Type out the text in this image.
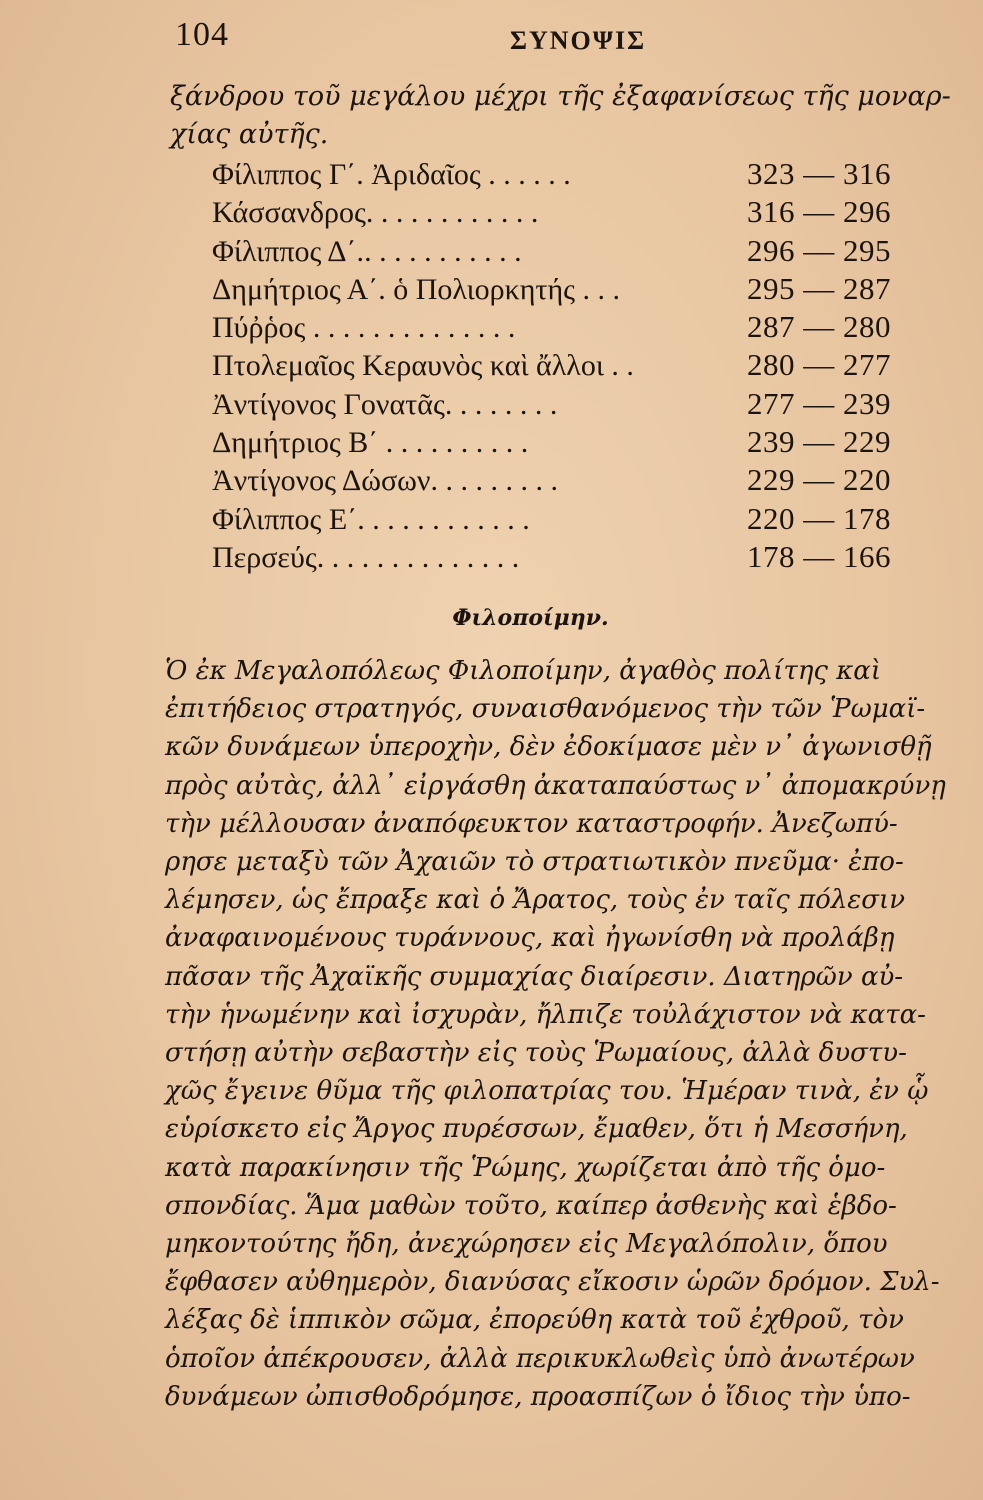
104	ΣΥΝΟΨΙΣ
ξάνδρου τοῦ μεγάλου μέχρι τῆς ἐξαφανίσεως τῆς μοναρ-
χίας αὐτῆς.
Φίλιππος Γ΄. Ἀριδαῖος . . . . . .	323 — 316
Κάσσανδρος. . . . . . . . . . . .	316 — 296
Φίλιππος Δ΄.. . . . . . . . . . .	296 — 295
Δημήτριος Α΄. ὁ Πολιορκητής . . .	295 — 287
Πύῤῥος . . . . . . . . . . . . . .	287 — 280
Πτολεμαῖος Κεραυνὸς καὶ ἄλλοι . .	280 — 277
Ἀντίγονος Γονατᾶς. . . . . . . .	277 — 239
Δημήτριος Β΄ . . . . . . . . . .	239 — 229
Ἀντίγονος Δώσων. . . . . . . . .	229 — 220
Φίλιππος Ε΄. . . . . . . . . . . .	220 — 178
Περσεύς. . . . . . . . . . . . . .	178 — 166
Φιλοποίμην.
Ὁ ἐκ Μεγαλοπόλεως Φιλοποίμην, ἀγαθὸς πολίτης καὶ
ἐπιτήδειος στρατηγός, συναισθανόμενος τὴν τῶν Ῥωμαϊ-
κῶν δυνάμεων ὑπεροχὴν, δὲν ἐδοκίμασε μὲν ν᾽ ἀγωνισθῇ
πρὸς αὐτὰς, ἀλλ᾽ εἰργάσθη ἀκαταπαύστως ν᾽ ἀπομακρύνῃ
τὴν μέλλουσαν ἀναπόφευκτον καταστροφήν. Ἀνεζωπύ-
ρησε μεταξὺ τῶν Ἀχαιῶν τὸ στρατιωτικὸν πνεῦμα· ἐπο-
λέμησεν, ὡς ἔπραξε καὶ ὁ Ἄρατος, τοὺς ἐν ταῖς πόλεσιν
ἀναφαινομένους τυράννους, καὶ ἠγωνίσθη νὰ προλάβῃ
πᾶσαν τῆς Ἀχαϊκῆς συμμαχίας διαίρεσιν. Διατηρῶν αὐ-
τὴν ἡνωμένην καὶ ἰσχυρὰν, ἤλπιζε τοὐλάχιστον νὰ κατα-
στήσῃ αὐτὴν σεβαστὴν εἰς τοὺς Ῥωμαίους, ἀλλὰ δυστυ-
χῶς ἔγεινε θῦμα τῆς φιλοπατρίας του. Ἡμέραν τινὰ, ἐν ᾧ
εὑρίσκετο εἰς Ἄργος πυρέσσων, ἔμαθεν, ὅτι ἡ Μεσσήνη,
κατὰ παρακίνησιν τῆς Ῥώμης, χωρίζεται ἀπὸ τῆς ὁμο-
σπονδίας. Ἅμα μαθὼν τοῦτο, καίπερ ἀσθενὴς καὶ ἑβδο-
μηκοντούτης ἤδη, ἀνεχώρησεν εἰς Μεγαλόπολιν, ὅπου
ἔφθασεν αὐθημερὸν, διανύσας εἴκοσιν ὡρῶν δρόμον. Συλ-
λέξας δὲ ἱππικὸν σῶμα, ἐπορεύθη κατὰ τοῦ ἐχθροῦ, τὸν
ὁποῖον ἀπέκρουσεν, ἀλλὰ περικυκλωθεὶς ὑπὸ ἀνωτέρων
δυνάμεων ὠπισθοδρόμησε, προασπίζων ὁ ἴδιος τὴν ὑπο-
